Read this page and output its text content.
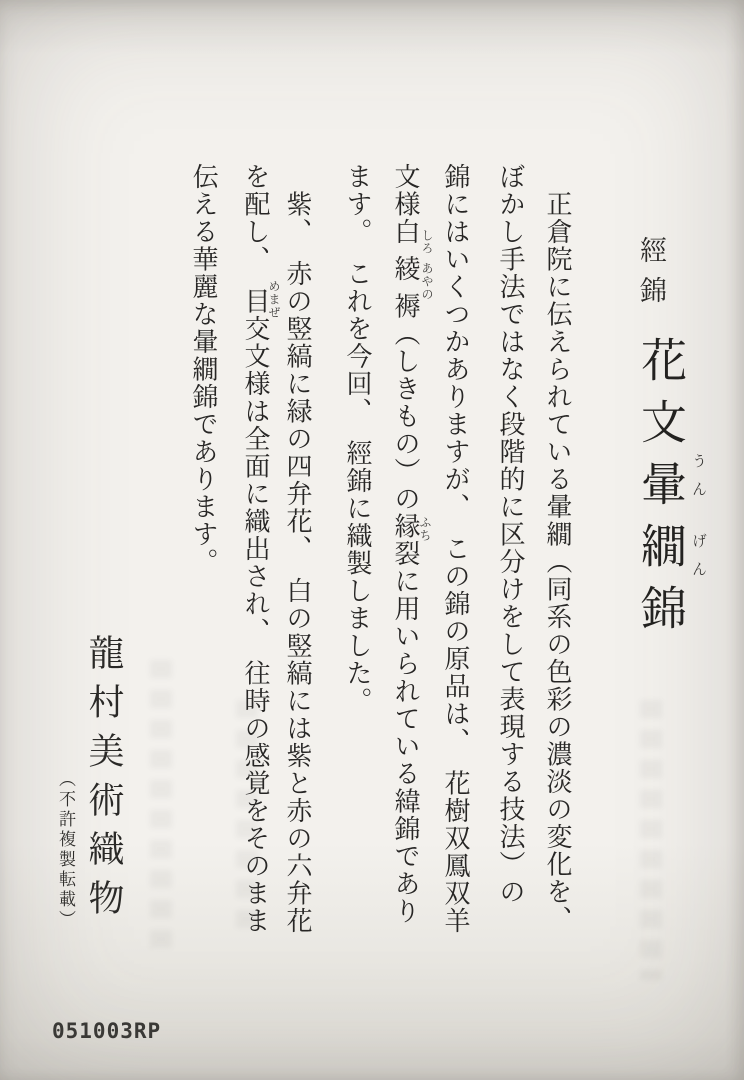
經錦
花文暈繝錦 うん
げん
　正倉院に伝えられている暈繝（同系の色彩の濃淡の変化を、
ぼかし手法ではなく段階的に区分けをして表現する技法）の
錦にはいくつかありますが、　この錦の原品は、　花樹双鳳双羊
文様白 綾 褥（しきもの）の縁裂に用いられている緯錦であり
ます。　これを今回、　經錦に織製しました。
　紫、　赤の竪縞に緑の四弁花、　白の竪縞には紫と赤の六弁花
を配し、　目交文様は全面に織出され、　往時の感覚をそのまま
伝える華麗な暈繝錦であります。	しろ
あやの
ふち
めまぜ
龍村美術織物
（不許複製転載）
051003RP
